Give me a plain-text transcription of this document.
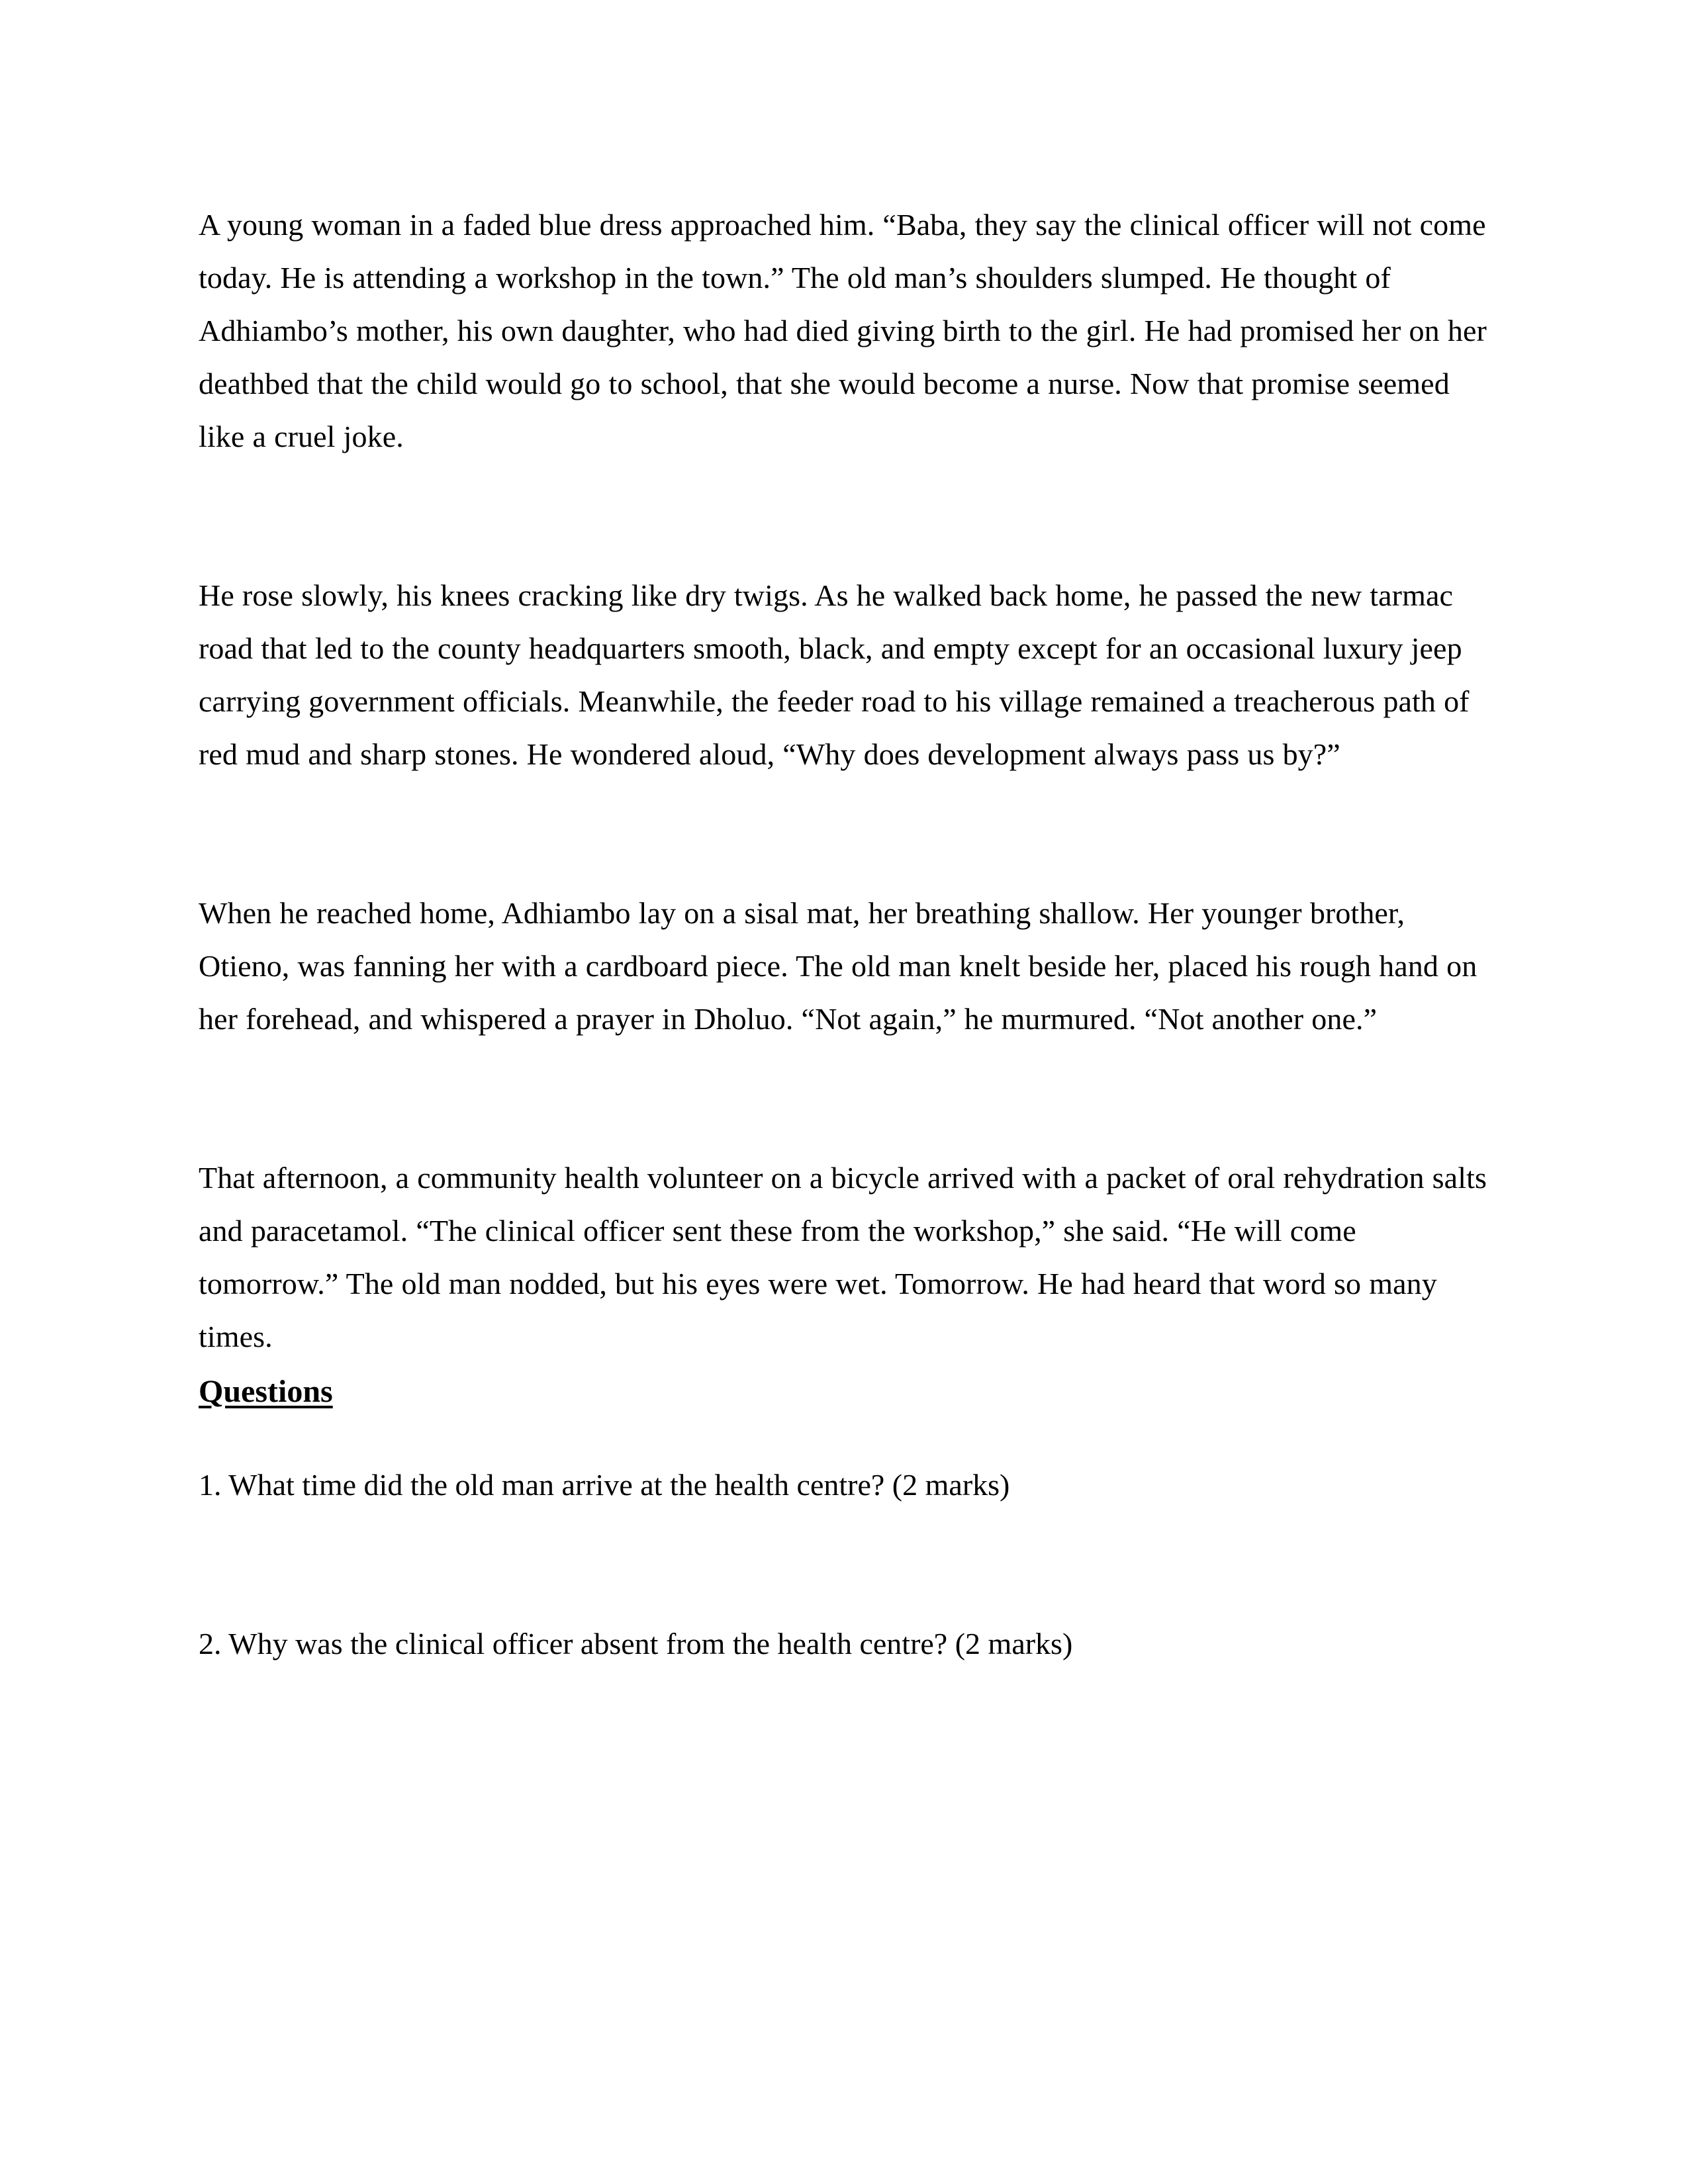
A young woman in a faded blue dress approached him. “Baba, they say the clinical officer will not come today. He is attending a workshop in the town.” The old man’s shoulders slumped. He thought of Adhiambo’s mother, his own daughter, who had died giving birth to the girl. He had promised her on her deathbed that the child would go to school, that she would become a nurse. Now that promise seemed like a cruel joke.

He rose slowly, his knees cracking like dry twigs. As he walked back home, he passed the new tarmac road that led to the county headquarters smooth, black, and empty except for an occasional luxury jeep carrying government officials. Meanwhile, the feeder road to his village remained a treacherous path of red mud and sharp stones. He wondered aloud, “Why does development always pass us by?”

When he reached home, Adhiambo lay on a sisal mat, her breathing shallow. Her younger brother, Otieno, was fanning her with a cardboard piece. The old man knelt beside her, placed his rough hand on her forehead, and whispered a prayer in Dholuo. “Not again,” he murmured. “Not another one.”

That afternoon, a community health volunteer on a bicycle arrived with a packet of oral rehydration salts and paracetamol. “The clinical officer sent these from the workshop,” she said. “He will come tomorrow.” The old man nodded, but his eyes were wet. Tomorrow. He had heard that word so many times.

Questions

1. What time did the old man arrive at the health centre? (2 marks)

2. Why was the clinical officer absent from the health centre? (2 marks)
